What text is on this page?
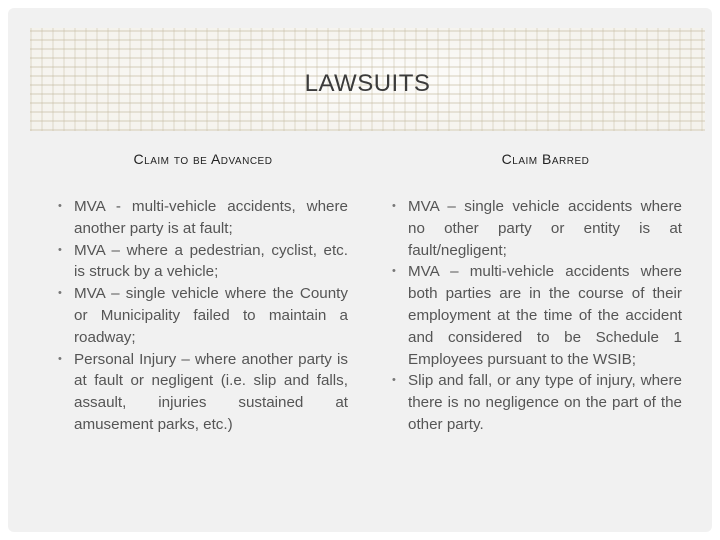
LAWSUITS
Claim to be Advanced	Claim Barred
• MVA - multi-vehicle accidents, where another party is at fault;
• MVA – where a pedestrian, cyclist, etc. is struck by a vehicle;
• MVA – single vehicle where the County or Municipality failed to maintain a roadway;
• Personal Injury – where another party is at fault or negligent (i.e. slip and falls, assault, injuries sustained at amusement parks, etc.)
• MVA – single vehicle accidents where no other party or entity is at fault/negligent;
• MVA – multi-vehicle accidents where both parties are in the course of their employment at the time of the accident and considered to be Schedule 1 Employees pursuant to the WSIB;
• Slip and fall, or any type of injury, where there is no negligence on the part of the other party.
